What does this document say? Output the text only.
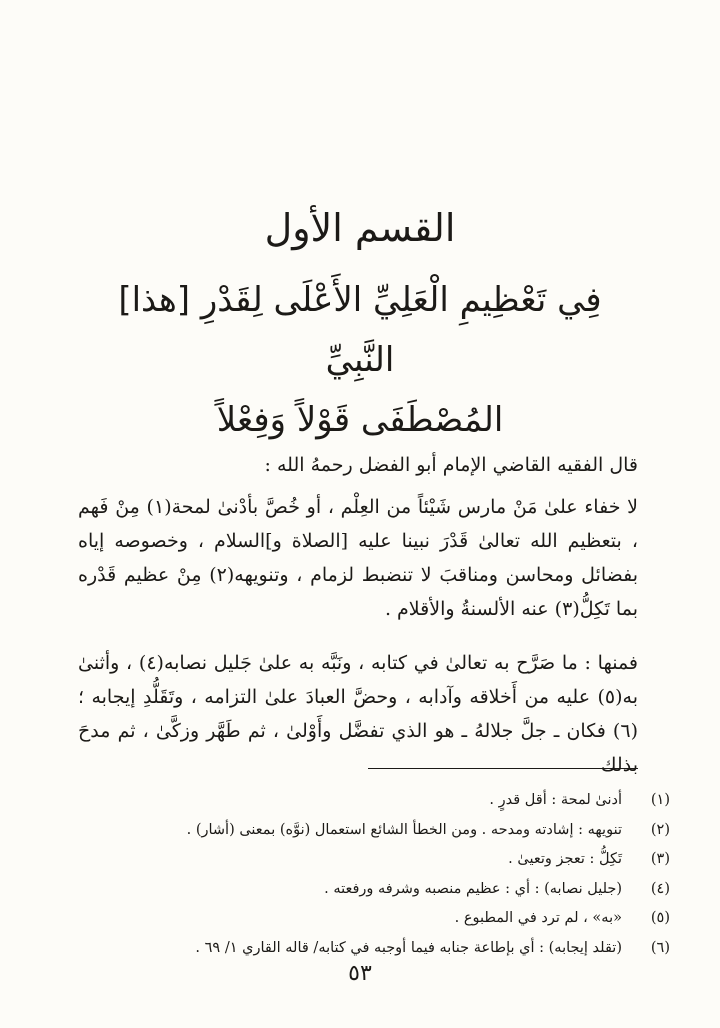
القسم الأول
فِي تَعْظِيمِ الْعَلِيِّ الأَعْلَى لِقَدْرِ [هذا] النَّبِيِّ
المُصْطَفَى قَوْلاً وَفِعْلاً
قال الفقيه القاضي الإمام أبو الفضل رحمهُ الله :

لا خفاء علىٰ مَنْ مارس شَيْئاً من العِلْم ، أو خُصَّ بأدْنىٰ لمحة(١) مِنْ فَهم ، بتعظيم الله تعالىٰ قَدْرَ نبينا عليه [الصلاة و]السلام ، وخصوصه إياه بفضائل ومحاسن ومناقبَ لا تنضبط لزمام ، وتنويهه(٢) مِنْ عظيم قَدْره بما تَكِلُّ(٣) عنه الألسنةُ والأقلام .

فمنها : ما صَرَّح به تعالىٰ في كتابه ، ونَبَّه به علىٰ جَليل نصابه(٤) ، وأثنىٰ به(٥) عليه من أَخلاقه وآدابه ، وحضَّ العبادَ علىٰ التزامه ، وتَقَلُّدِ إيجابه ؛(٦) فكان ـ جلَّ جلالهُ ـ هو الذي تفضَّل وأَوْلىٰ ، ثم طَهَّر وزكَّىٰ ، ثم مدحَ بذلك

(١)
أدنىٰ لمحة : أقل قدرٍ .
(٢)
تنويهه : إشادته ومدحه . ومن الخطأ الشائع استعمال (نوَّه) بمعنى (أشار) .
(٣)
تَكِلُّ : تعجز وتعيىٰ .
(٤)
(جليل نصابه) : أي : عظيم منصبه وشرفه ورفعته .
(٥)
«به» ، لم ترد في المطبوع .
(٦)
(تقلد إيجابه) : أي بإطاعة جنابه فيما أوجبه في كتابه/ قاله القاري ١/ ٦٩ .
٥٣
